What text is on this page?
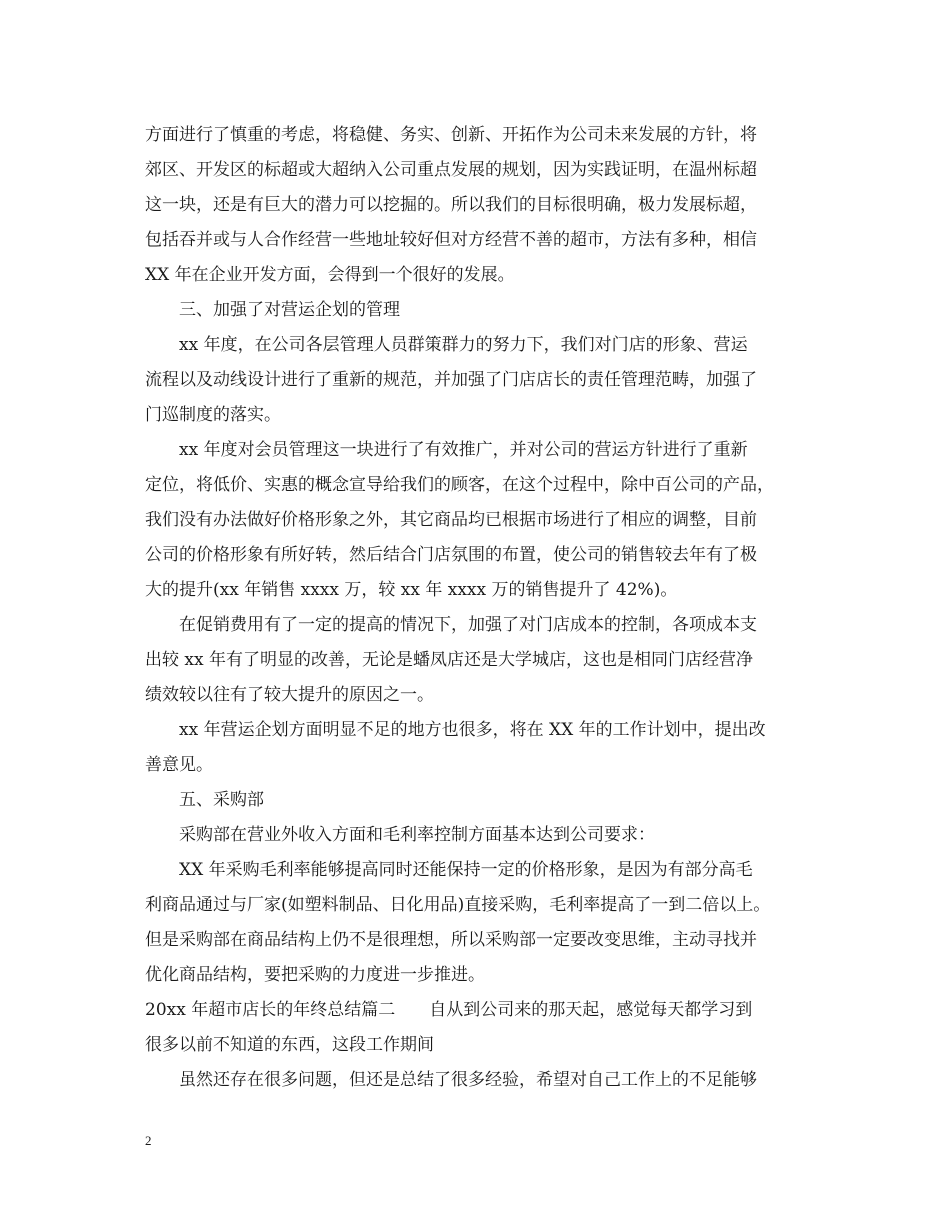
方面进行了慎重的考虑，将稳健、务实、创新、开拓作为公司未来发展的方针，将
郊区、开发区的标超或大超纳入公司重点发展的规划，因为实践证明，在温州标超
这一块，还是有巨大的潜力可以挖掘的。所以我们的目标很明确，极力发展标超，
包括吞并或与人合作经营一些地址较好但对方经营不善的超市，方法有多种，相信
XX 年在企业开发方面，会得到一个很好的发展。
三、加强了对营运企划的管理
xx 年度，在公司各层管理人员群策群力的努力下，我们对门店的形象、营运
流程以及动线设计进行了重新的规范，并加强了门店店长的责任管理范畴，加强了
门巡制度的落实。
xx 年度对会员管理这一块进行了有效推广，并对公司的营运方针进行了重新
定位，将低价、实惠的概念宣导给我们的顾客，在这个过程中，除中百公司的产品，
我们没有办法做好价格形象之外，其它商品均已根据市场进行了相应的调整，目前
公司的价格形象有所好转，然后结合门店氛围的布置，使公司的销售较去年有了极
大的提升(xx 年销售 xxxx 万，较 xx 年 xxxx 万的销售提升了 42%)。
在促销费用有了一定的提高的情况下，加强了对门店成本的控制，各项成本支
出较 xx 年有了明显的改善，无论是蟠凤店还是大学城店，这也是相同门店经营净
绩效较以往有了较大提升的原因之一。
xx 年营运企划方面明显不足的地方也很多，将在 XX 年的工作计划中，提出改
善意见。
五、采购部
采购部在营业外收入方面和毛利率控制方面基本达到公司要求：
XX 年采购毛利率能够提高同时还能保持一定的价格形象，是因为有部分高毛
利商品通过与厂家(如塑料制品、日化用品)直接采购，毛利率提高了一到二倍以上。
但是采购部在商品结构上仍不是很理想，所以采购部一定要改变思维，主动寻找并
优化商品结构，要把采购的力度进一步推进。
20xx 年超市店长的年终总结篇二　　自从到公司来的那天起，感觉每天都学习到
很多以前不知道的东西，这段工作期间
虽然还存在很多问题，但还是总结了很多经验，希望对自己工作上的不足能够
2
